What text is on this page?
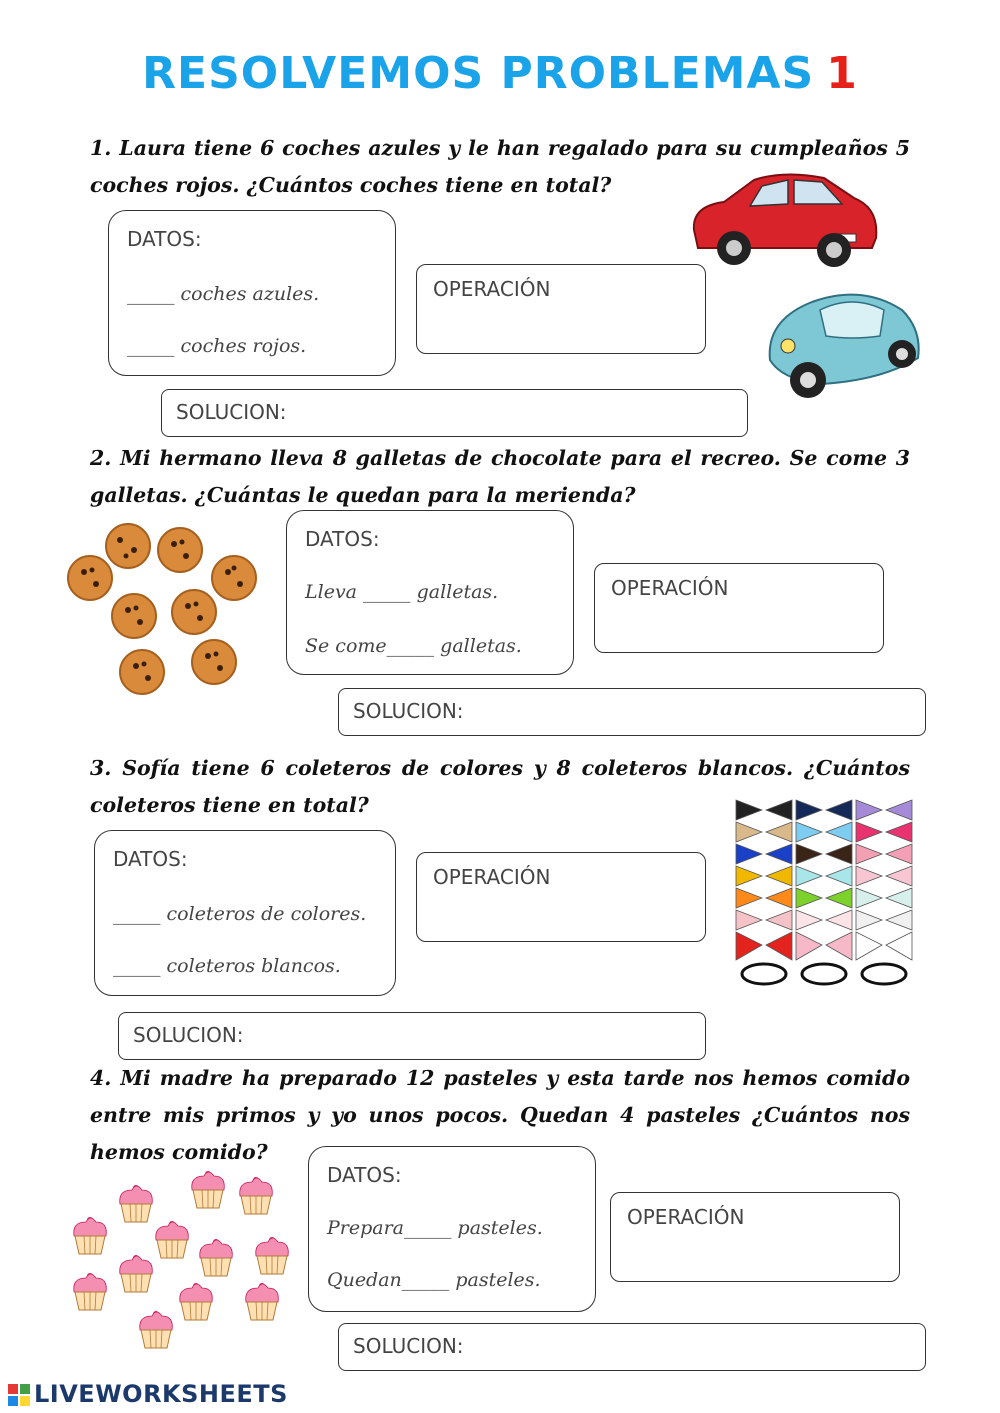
RESOLVEMOS PROBLEMAS 1
1. Laura tiene 6 coches azules y le han regalado para su cumpleaños 5 coches rojos. ¿Cuántos coches tiene en total?
DATOS:
_____ coches azules.
_____ coches rojos.
OPERACIÓN
SOLUCION:
2. Mi hermano lleva 8 galletas de chocolate para el recreo. Se come 3 galletas. ¿Cuántas le quedan para la merienda?
DATOS:
Lleva _____ galletas.
Se come_____ galletas.
OPERACIÓN
SOLUCION:
3. Sofía tiene 6 coleteros de colores y 8 coleteros blancos. ¿Cuántos coleteros tiene en total?
DATOS:
_____ coleteros de colores.
_____ coleteros blancos.
OPERACIÓN
SOLUCION:
4. Mi madre ha preparado 12 pasteles y esta tarde nos hemos comido entre mis primos y yo unos pocos. Quedan 4 pasteles ¿Cuántos nos hemos comido?
DATOS:
Prepara_____ pasteles.
Quedan_____ pasteles.
OPERACIÓN
SOLUCION:
LIVEWORKSHEETS
